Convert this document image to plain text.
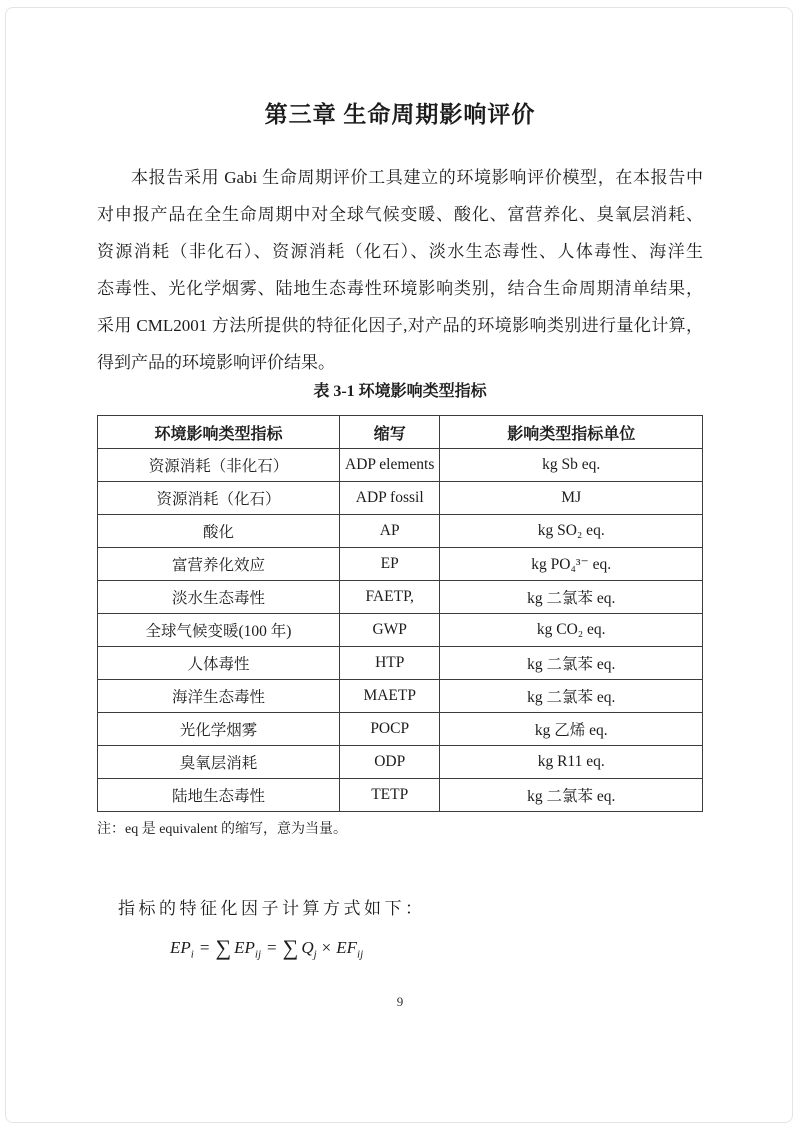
第三章 生命周期影响评价
本报告采用 Gabi 生命周期评价工具建立的环境影响评价模型，在本报告中
对申报产品在全生命周期中对全球气候变暖、酸化、富营养化、臭氧层消耗、
资源消耗（非化石）、资源消耗（化石）、淡水生态毒性、人体毒性、海洋生
态毒性、光化学烟雾、陆地生态毒性环境影响类别，结合生命周期清单结果，
采用 CML2001 方法所提供的特征化因子,对产品的环境影响类别进行量化计算，
得到产品的环境影响评价结果。
表 3-1 环境影响类型指标
环境影响类型指标	缩写	影响类型指标单位
资源消耗（非化石）	ADP elements	kg Sb eq.
资源消耗（化石）	ADP fossil	MJ
酸化	AP	kg SO₂ eq.
富营养化效应	EP	kg PO₄³⁻ eq.
淡水生态毒性	FAETP,	kg 二氯苯 eq.
全球气候变暖(100 年)	GWP	kg CO₂ eq.
人体毒性	HTP	kg 二氯苯 eq.
海洋生态毒性	MAETP	kg 二氯苯 eq.
光化学烟雾	POCP	kg 乙烯 eq.
臭氧层消耗	ODP	kg R11 eq.
陆地生态毒性	TETP	kg 二氯苯 eq.
注：eq 是 equivalent 的缩写，意为当量。
指标的特征化因子计算方式如下：
$EP_i$ = ∑ $EP_{ij}$ = ∑ $Q_j \times EF_{ij}$
9
